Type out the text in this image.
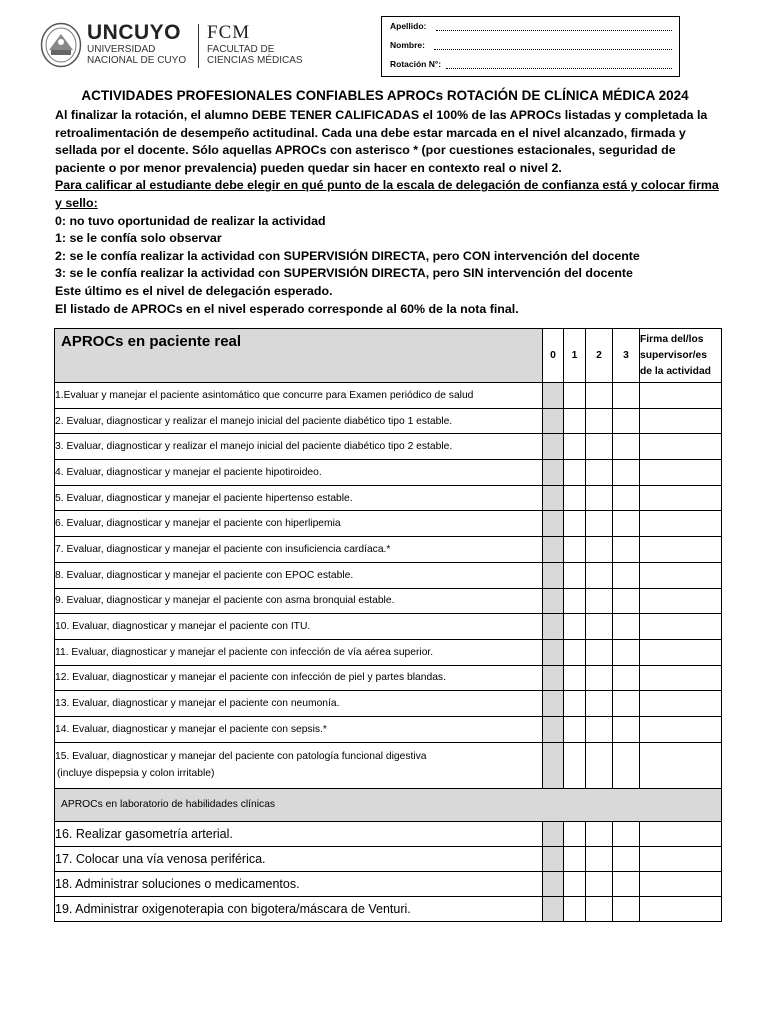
UNCUYO
UNIVERSIDAD
NACIONAL DE CUYO
FCM
FACULTAD DE
CIENCIAS MÉDICAS
Apellido:
Nombre:
Rotación N°:
ACTIVIDADES PROFESIONALES CONFIABLES APROCs ROTACIÓN DE CLÍNICA MÉDICA 2024

Al finalizar la rotación, el alumno DEBE TENER CALIFICADAS el 100% de las APROCs listadas y completada la retroalimentación de desempeño actitudinal. Cada una debe estar marcada en el nivel alcanzado, firmada y sellada por el docente. Sólo aquellas APROCs con asterisco * (por cuestiones estacionales, seguridad de paciente o por menor prevalencia) pueden quedar sin hacer en contexto real o nivel 2.

Para calificar al estudiante debe elegir en qué punto de la escala de delegación de confianza está y colocar firma y sello:

0: no tuvo oportunidad de realizar la actividad

1: se le confía solo observar

2: se le confía realizar la actividad con SUPERVISIÓN DIRECTA, pero CON intervención del docente

3: se le confía realizar la actividad con SUPERVISIÓN DIRECTA, pero SIN intervención del docente

Este último es el nivel de delegación esperado.

El listado de APROCs en el nivel esperado corresponde al 60% de la nota final.

APROCs en paciente real	0	1	2	3	Firma del/los
supervisor/es
de la actividad

1.Evaluar y manejar el paciente asintomático que concurre para Examen periódico de salud					
2. Evaluar, diagnosticar y realizar el manejo inicial del paciente diabético tipo 1 estable.					
3. Evaluar, diagnosticar y realizar el manejo inicial del paciente diabético tipo 2 estable.					
4. Evaluar, diagnosticar y manejar el paciente hipotiroideo.					
5. Evaluar, diagnosticar y manejar el paciente hipertenso estable.					
6. Evaluar, diagnosticar y manejar el paciente con hiperlipemia					
7. Evaluar, diagnosticar y manejar el paciente con insuficiencia cardíaca.*					
8. Evaluar, diagnosticar y manejar el paciente con EPOC estable.					
9. Evaluar, diagnosticar y manejar el paciente con asma bronquial estable.					
10. Evaluar, diagnosticar y manejar el paciente con ITU.					
11. Evaluar, diagnosticar y manejar el paciente con infección de vía aérea superior.					
12. Evaluar, diagnosticar y manejar el paciente con infección de piel y partes blandas.					
13. Evaluar, diagnosticar y manejar el paciente con neumonía.					
14. Evaluar, diagnosticar y manejar el paciente con sepsis.*					
15. Evaluar, diagnosticar y manejar del paciente con patología funcional digestiva
(incluye dispepsia y colon irritable)					

APROCs en laboratorio de habilidades clínicas					
16. Realizar gasometría arterial.					
17. Colocar una vía venosa periférica.					
18. Administrar soluciones o medicamentos.					
19. Administrar oxigenoterapia con bigotera/máscara de Venturi.					
